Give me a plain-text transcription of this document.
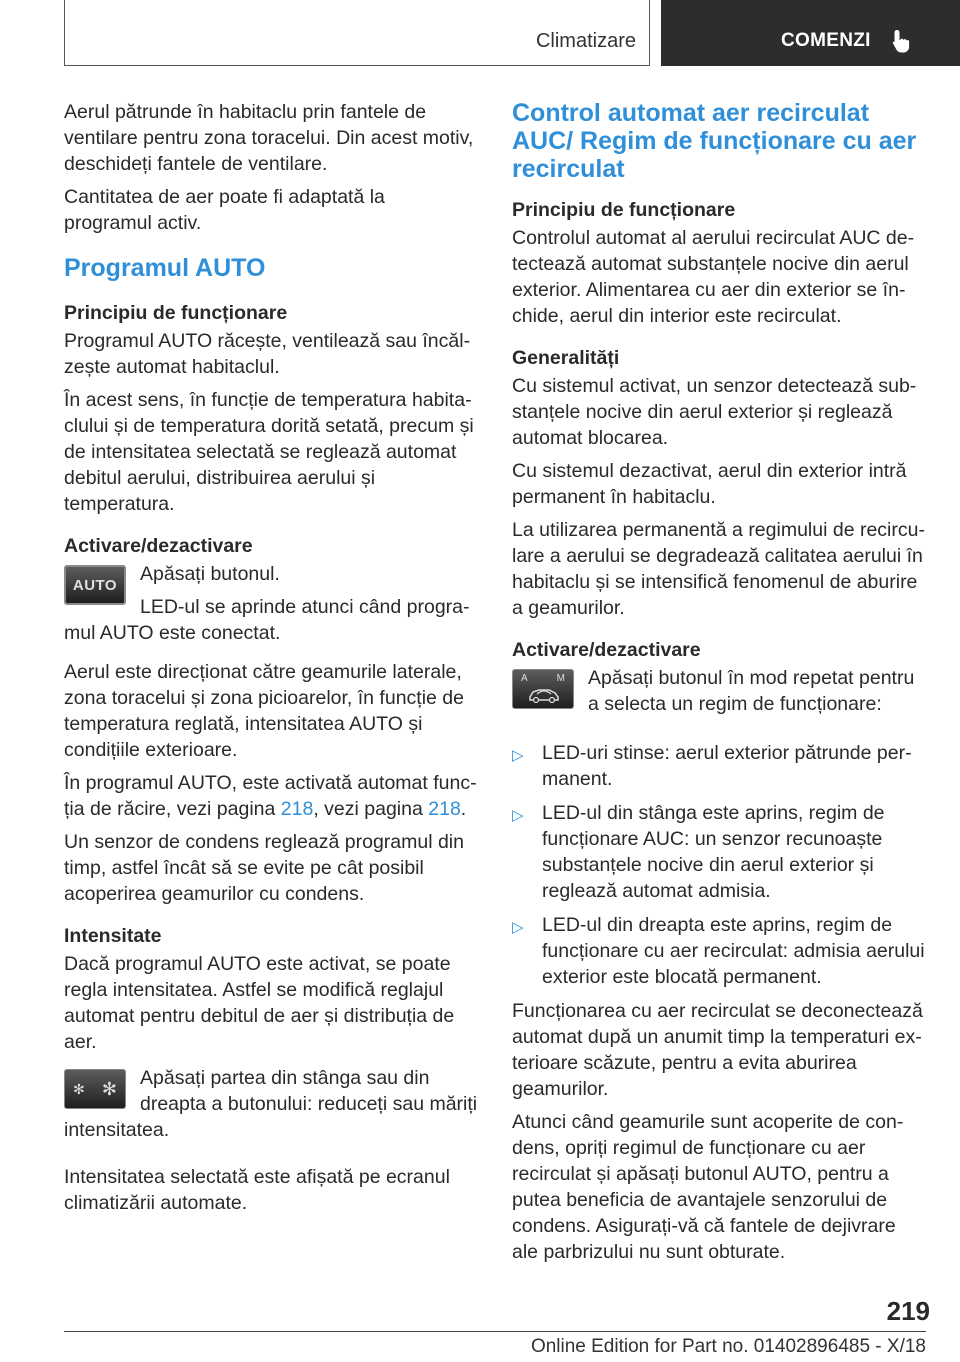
Climatizare	COMENZI

Aerul pătrunde în habitaclu prin fantele de ventilare pentru zona toracelui. Din acest motiv, deschideți fantele de ventilare.

Cantitatea de aer poate fi adaptată la programul activ.

Programul AUTO
Principiu de funcționare

Programul AUTO răcește, ventilează sau încălzește automat habitaclul.

În acest sens, în funcție de temperatura habitaclului și de temperatura dorită setată, precum și de intensitatea selectată se reglează automat debitul aerului, distribuirea aerului și temperatura.

Activare/dezactivare
AUTO	Apăsați butonul.

LED-ul se aprinde atunci când programul AUTO este conectat.

Aerul este direcționat către geamurile laterale, zona toracelui și zona picioarelor, în funcție de temperatura reglată, intensitatea AUTO și condițiile exterioare.

În programul AUTO, este activată automat funcția de răcire, vezi pagina 218, vezi pagina 218.

Un senzor de condens reglează programul din timp, astfel încât să se evite pe cât posibil acoperirea geamurilor cu condens.

Intensitate

Dacă programul AUTO este activat, se poate regla intensitatea. Astfel se modifică reglajul automat pentru debitul de aer și distribuția de aer.

✻ ✻	Apăsați partea din stânga sau din dreapta a butonului: reduceți sau măriți intensitatea.

Intensitatea selectată este afișată pe ecranul climatizării automate.

Control automat aer recirculat AUC/ Regim de funcționare cu aer recirculat
Principiu de funcționare

Controlul automat al aerului recirculat AUC detectează automat substanțele nocive din aerul exterior. Alimentarea cu aer din exterior se închide, aerul din interior este recirculat.

Generalități

Cu sistemul activat, un senzor detectează substanțele nocive din aerul exterior și reglează automat blocarea.

Cu sistemul dezactivat, aerul din exterior intră permanent în habitaclu.

La utilizarea permanentă a regimului de recirculare a aerului se degradează calitatea aerului în habitaclu și se intensifică fenomenul de aburire a geamurilor.

Activare/dezactivare
A	M	Apăsați butonul în mod repetat pentru a selecta un regim de funcționare:

▷ LED-uri stinse: aerul exterior pătrunde permanent.
▷ LED-ul din stânga este aprins, regim de funcționare AUC: un senzor recunoaște substanțele nocive din aerul exterior și reglează automat admisia.
▷ LED-ul din dreapta este aprins, regim de funcționare cu aer recirculat: admisia aerului exterior este blocată permanent.

Funcționarea cu aer recirculat se deconectează automat după un anumit timp la temperaturi exterioare scăzute, pentru a evita aburirea geamurilor.

Atunci când geamurile sunt acoperite de condens, opriți regimul de funcționare cu aer recirculat și apăsați butonul AUTO, pentru a putea beneficia de avantajele senzorului de condens. Asigurați-vă că fantele de dejivrare ale parbrizului nu sunt obturate.

219
Online Edition for Part no. 01402896485 - X/18
